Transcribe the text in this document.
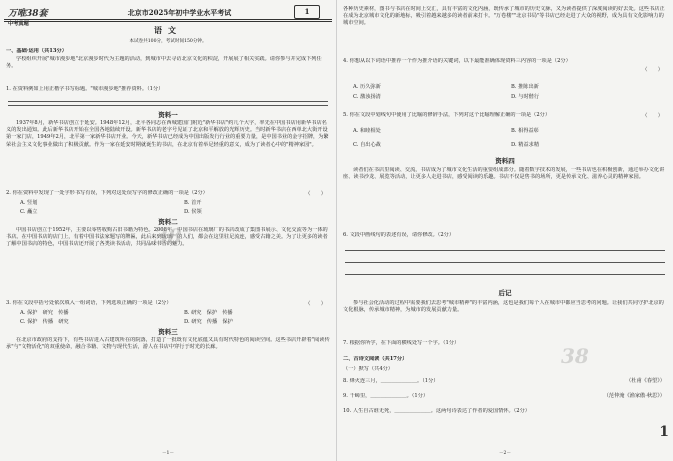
万唯38套
中考真题
北京市2025年初中学业水平考试	1
语文
本试卷共100分，考试时间150分钟。
一、基础·运用（共13分）
学校组织开展"城市漫步地"北京漫步时代为主题的活动，到城市中去寻访北京文化的积淀，开展展了相关实践。请你参与并完成下列任务。
1. 在资料例如上用正楷字书写标题。"城市漫步地"推荐资料。（1分）
资料一
1937年8月，新华书店创立于延安。1948年12月，北平各同志在西城建国门附近"新华书店"约几个大字，率先在中国书店用新华书店名义的发出通知。此后新华书店开始在全国各地陆续开设。新华书店的老字号见证了北京和平解放的光辉历史。当时新华书店在西单北大街开设第一家门店，1949年2月，北平第一家新华书店开业。今天，新华书店已经成为中国出版发行行业的重要力量，是中国书业的金字招牌，为繁荣社会主义文化事业做出了积极贡献。作为一家在延安时期就诞生的书店，在北京有着举足轻重的意义，成为了读者心中的"精神家园"。
2. 你在资料中发现了一处字形书写有误，下列对这处误写字的修改正确的一项是（2分）	（　　）
A. 竖划	B. 首开
C. 矗立	D. 侯领
资料二
中国书店创立于1952年，主要以零售收购古旧书籍为特色。2008年，中国书店在琉璃厂的书店改成了集图书展示、文化交流等为一体的书店。在中国书店的店门上，有着中国书法家题写的牌匾，此后来到琉璃厂的人们，都会在这里驻足流连，感受古籍之美。为了让更多的读者了解中国书店的特色，中国书店还开展了各类读书活动，共同品味书香的魅力。
3. 你在文段中括号处依次填入一组词语，下列选项正确的一项是（2分）	（　　）
A. 保护　研究　传播	B. 研究　保护　传播
C. 保护　传播　研究	D. 研究　传播　保护
资料三
在北京市政府的支持下，有些书店进入古建筑所在的院落，打造了一批既有文化底蕴又具有时代特色的阅读空间。这些书店开辟着"阅读传承"与"文物活化"的双重使命，融合书籍、文物与现代生活，游人在书店中穿行于时光的长廊。
38
－1－
各种历史素材，图书与书店在时间上交汇，具有丰富的文化内涵，既传承了城市的历史文脉，又为读者提供了深度阅读的好去处。这些书店正在成为北京城市文化的新地标，吸引着越来越多的读者前来打卡。"万卷楼""北京书局"等书店已经走进了大众的视野，成为具有文化影响力的城市空间。
4. 你想从以下词语中推荐一个作为推介语的关键词，以下最能准确体现资料三内容的一项是（2分）
（　　）
A. 历久弥新	B. 推陈出新
C. 激浊扬清	D. 与时偕行
5. 你在文段中划线句中使用了比喻的修辞手法，下列对这个比喻理解正确的一项是（2分）	（　　）
A. 和睦相处	B. 相得益彰
C. 自出心裁	D. 精益求精
资料四
读者们在书店里阅读、交流，书店成为了城市文化生活的重要组成部分。随着数字技术的发展，一些书店也在积极创新，通过举办文化讲座、读书沙龙、展览等活动，让更多人走进书店，感受阅读的乐趣。书店不仅是售书的场所，更是传承文化、滋养心灵的精神家园。
6. 文段中画线句的表述有误，请你修改。（2分）
后记
参与社会化活动的过程中需要我们去思考"城市精神"的丰富内涵，这也是我们每个人在城市中都应当思考的问题。让我们共同守护北京的文化根脉，传承城市精神，为城市的发展贡献力量。
7. 根据你所学，在下面的横线处写一个字。（1分）
二、古诗文阅读（共17分）
（一）默写（共4分）
8. 烽火连三月，＿＿＿＿＿＿＿。（1分）	（杜甫《春望》）
9. 千嶂里，＿＿＿＿＿＿＿。（1分）	（范仲淹《渔家傲·秋思》）
10. 人生自古谁无死，＿＿＿＿＿＿＿。这两句诗表达了作者的爱国情怀。（2分）
38
－2－
1
